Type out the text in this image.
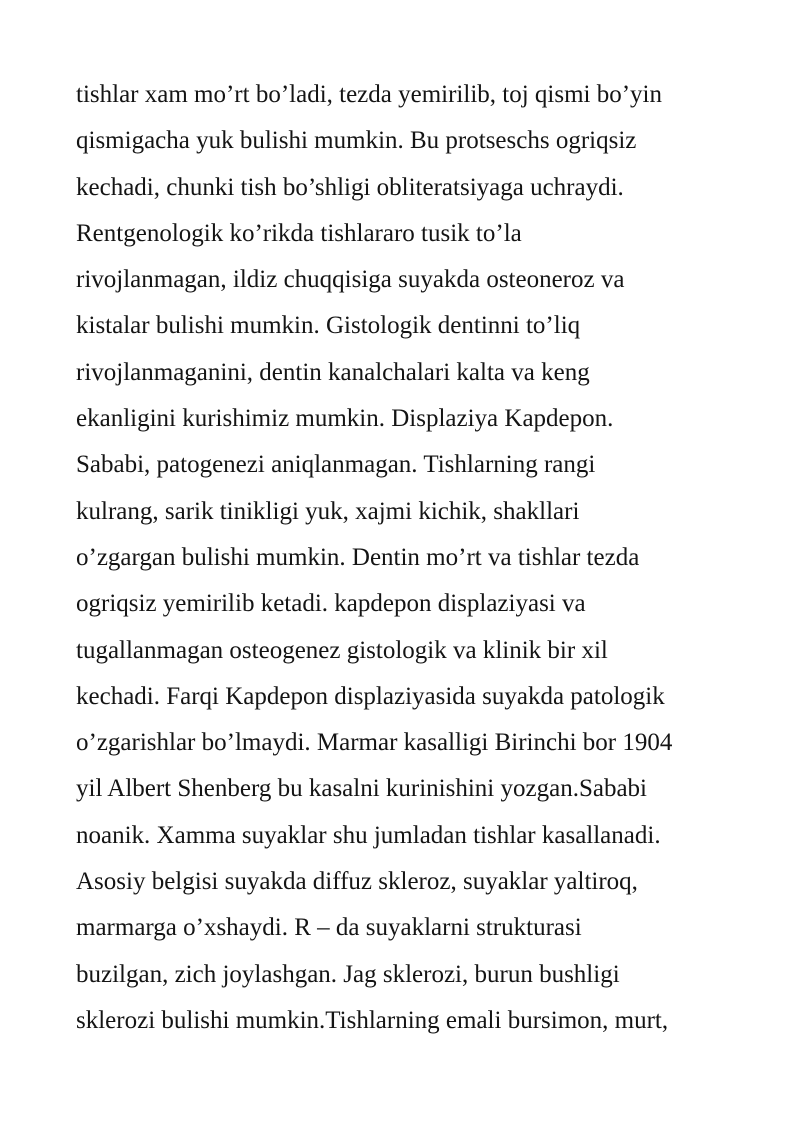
tishlar xam mo’rt bo’ladi, tezda yemirilib, toj qismi bo’yin
qismigacha yuk bulishi mumkin. Bu protseschs ogriqsiz
kechadi, chunki tish bo’shligi obliteratsiyaga uchraydi.
Rentgenologik ko’rikda tishlararo tusik to’la
rivojlanmagan, ildiz chuqqisiga suyakda osteoneroz va
kistalar bulishi mumkin. Gistologik dentinni to’liq
rivojlanmaganini, dentin kanalchalari kalta va keng
ekanligini kurishimiz mumkin. Displaziya Kapdepon.
Sababi, patogenezi aniqlanmagan. Tishlarning rangi
kulrang, sarik tinikligi yuk, xajmi kichik, shakllari
o’zgargan bulishi mumkin. Dentin mo’rt va tishlar tezda
ogriqsiz yemirilib ketadi. kapdepon displaziyasi va
tugallanmagan osteogenez gistologik va klinik bir xil
kechadi. Farqi Kapdepon displaziyasida suyakda patologik
o’zgarishlar bo’lmaydi. Marmar kasalligi Birinchi bor 1904
yil Albert Shenberg bu kasalni kurinishini yozgan.Sababi
noanik. Xamma suyaklar shu jumladan tishlar kasallanadi.
Asosiy belgisi suyakda diffuz skleroz, suyaklar yaltiroq,
marmarga o’xshaydi. R – da suyaklarni strukturasi
buzilgan, zich joylashgan. Jag sklerozi, burun bushligi
sklerozi bulishi mumkin.Tishlarning emali bursimon, murt,
